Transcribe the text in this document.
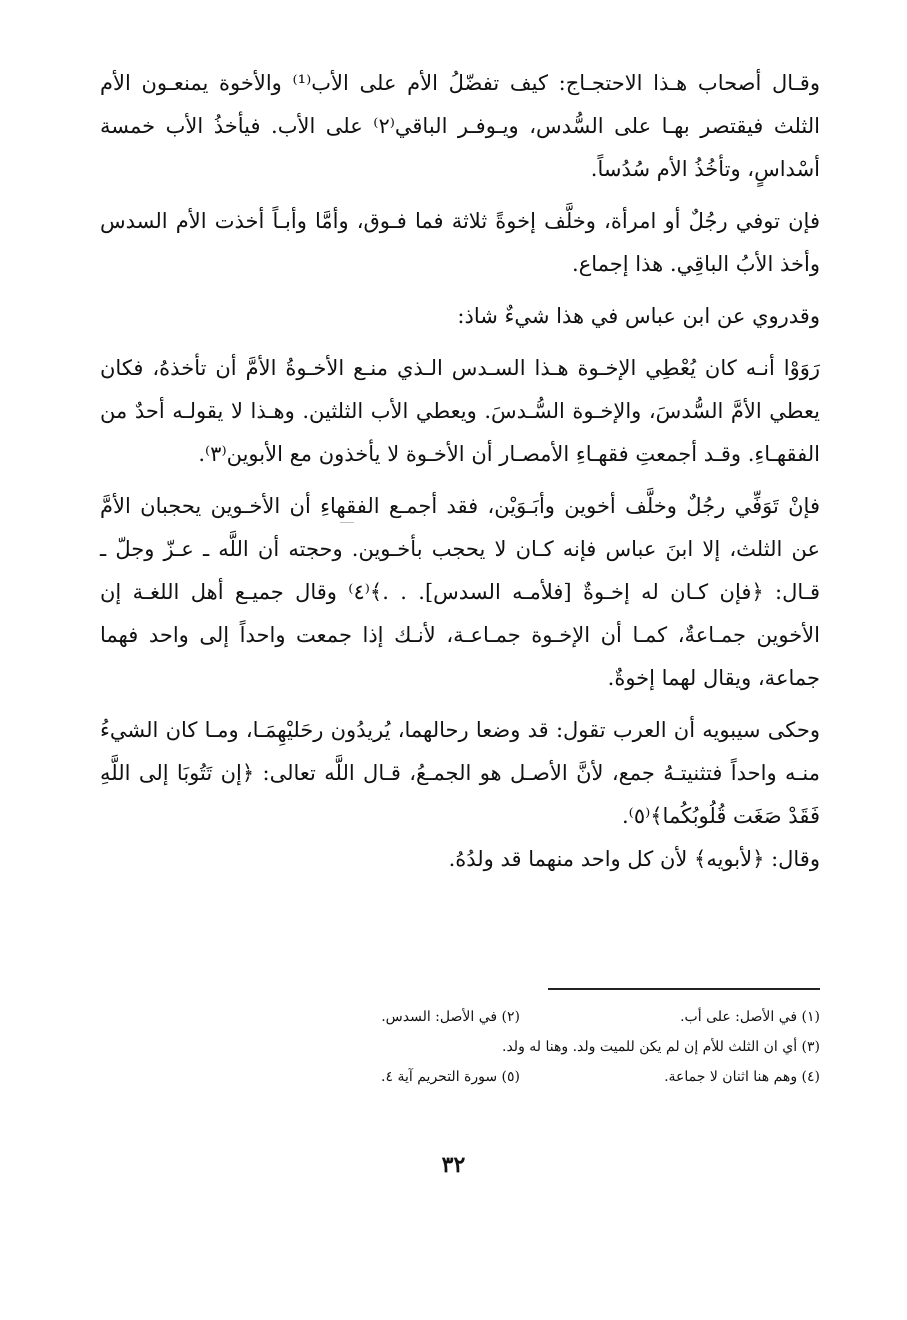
وقـال أصحاب هـذا الاحتجـاج: كيف تفضّلُ الأم على الأب⁽¹⁾ والأخوة يمنعـون الأم الثلث فيقتصر بهـا على السُّدس، ويـوفـر الباقي⁽٢⁾ على الأب. فيأخذُ الأب خمسة أسْداسٍ، وتأخُذُ الأم سُدُساً.

فإن توفي رجُلٌ أو امرأة، وخلَّف إخوةً ثلاثة فما فـوق، وأمَّا وأبـاً أخذت الأم السدس وأخذ الأبُ الباقِي. هذا إجماع.

وقدروي عن ابن عباس في هذا شيءٌ شاذ:

رَوَوْا أنـه كان يُعْطِي الإخـوة هـذا السـدس الـذي منـع الأخـوةُ الأمَّ أن تأخذهُ، فكان يعطي الأمَّ السُّدسَ، والإخـوة السُّـدسَ. ويعطي الأب الثلثين. وهـذا لا يقولـه أحدٌ من الفقهـاءِ. وقـد أجمعتِ فقهـاءِ الأمصـار أن الأخـوة لا يأخذون مع الأبوين⁽٣⁾.

فإنْ تَوَفِّي رجُلٌ وخلَّف أخوين وأبَـوَيْن، فقد أجمـع الفقهاءِ أن الأخـوين يحجبان الأمَّ عن الثلث، إلا ابنَ عباس فإنه كـان لا يحجب بأخـوين. وحجته أن اللَّه ـ عـزّ وجلّ ـ قـال: ﴿فإن كـان له إخـوةٌ [فلأمـه السدس]. . .﴾⁽٤⁾ وقال جميـع أهل اللغـة إن الأخوين جمـاعةٌ، كمـا أن الإخـوة جمـاعـة، لأنـك إذا جمعت واحداً إلى واحد فهما جماعة، ويقال لهما إخوةٌ.

وحكى سيبويه أن العرب تقول: قد وضعا رحالهما، يُريدُون رحَليْهِمَـا، ومـا كان الشيءُ منـه واحداً فتثنيتـهُ جمع، لأنَّ الأصـل هو الجمـعُ، قـال اللَّه تعالى: ﴿إن تَتُوبَا إلى اللَّهِ فَقَدْ صَغَت قُلُوبُكُما﴾⁽٥⁾.

وقال: ﴿لأبويه﴾ لأن كل واحد منهما قد ولدُهُ.

(١) في الأصل: على أب.
(٢) في الأصل: السدس.
(٣) أي ان الثلث للأم إن لم يكن للميت ولد. وهنا له ولد.
(٤) وهم هنا اثنان لا جماعة.
(٥) سورة التحريم آية ٤.
٣٢
